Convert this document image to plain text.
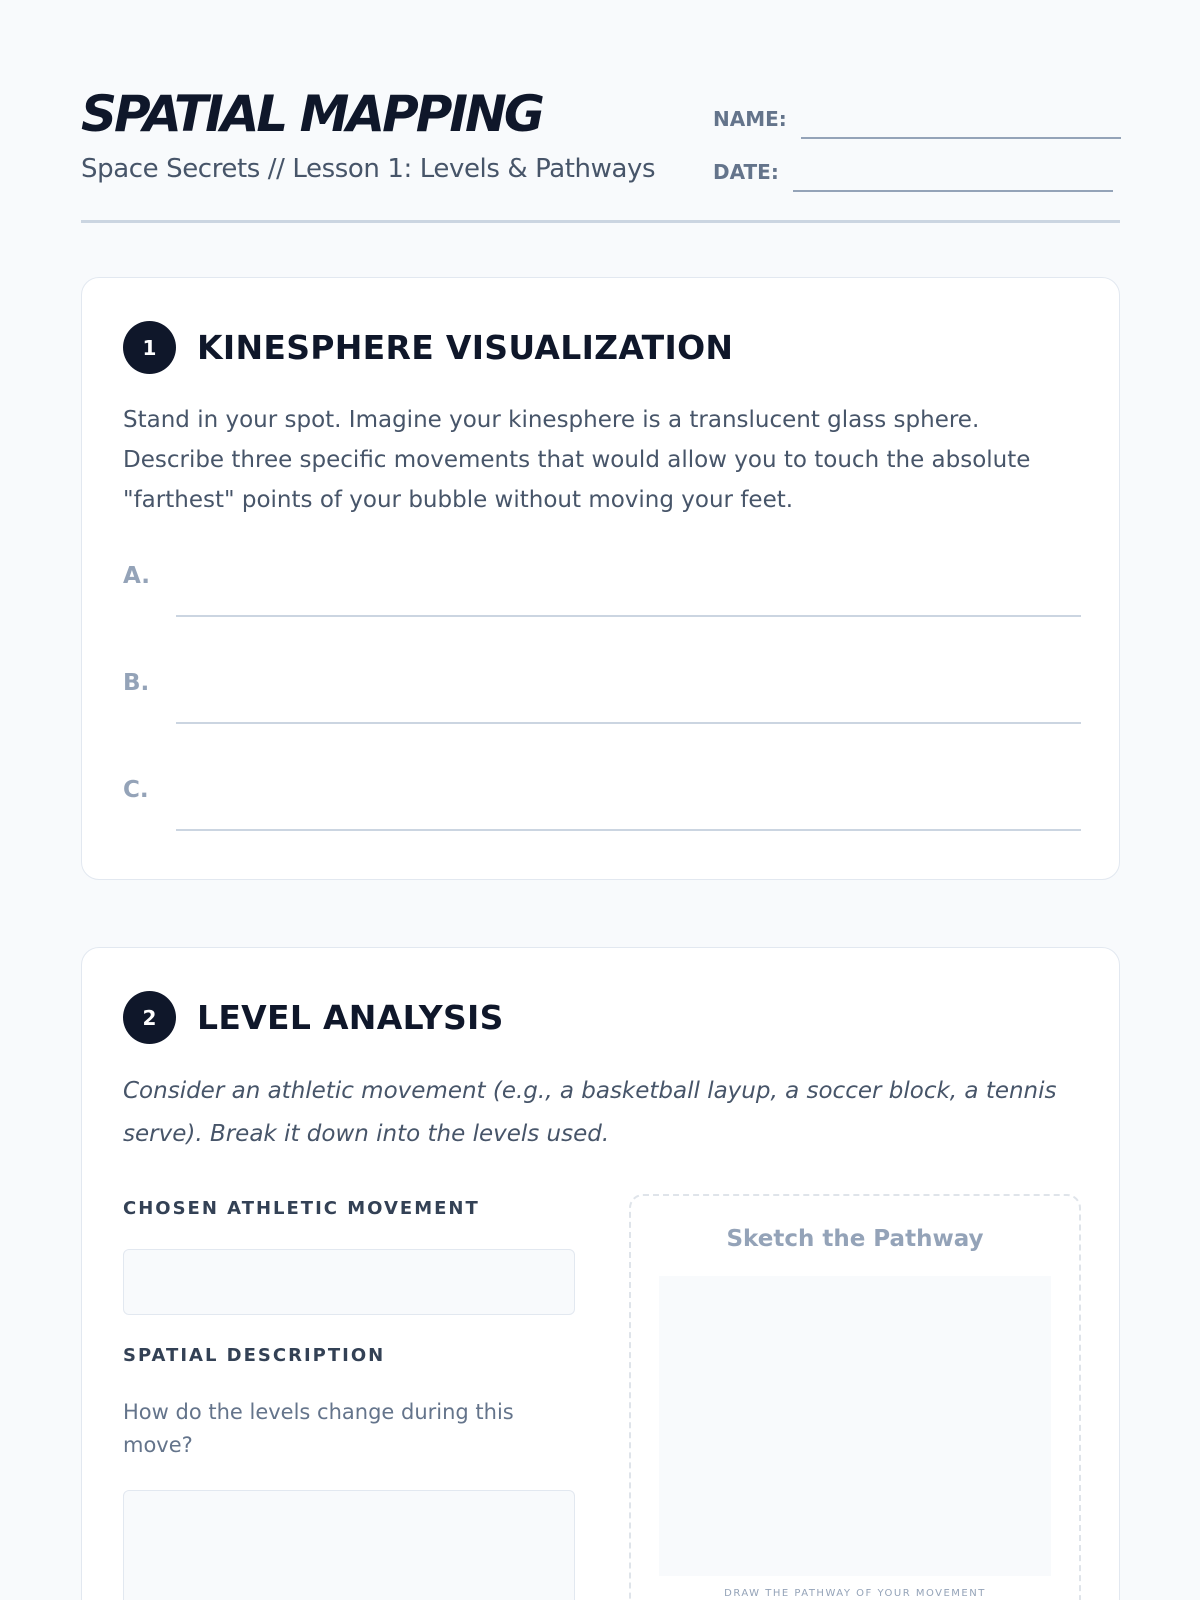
SPATIAL MAPPING
Space Secrets // Lesson 1: Levels & Pathways
NAME:
DATE:
1	KINESPHERE VISUALIZATION
Stand in your spot. Imagine your kinesphere is a translucent glass sphere. Describe three specific movements that would allow you to touch the absolute "farthest" points of your bubble without moving your feet.
A.
B.
C.
2	LEVEL ANALYSIS
Consider an athletic movement (e.g., a basketball layup, a soccer block, a tennis serve). Break it down into the levels used.
CHOSEN ATHLETIC MOVEMENT
SPATIAL DESCRIPTION
How do the levels change during this move?
Sketch the Pathway
DRAW THE PATHWAY OF YOUR MOVEMENT
